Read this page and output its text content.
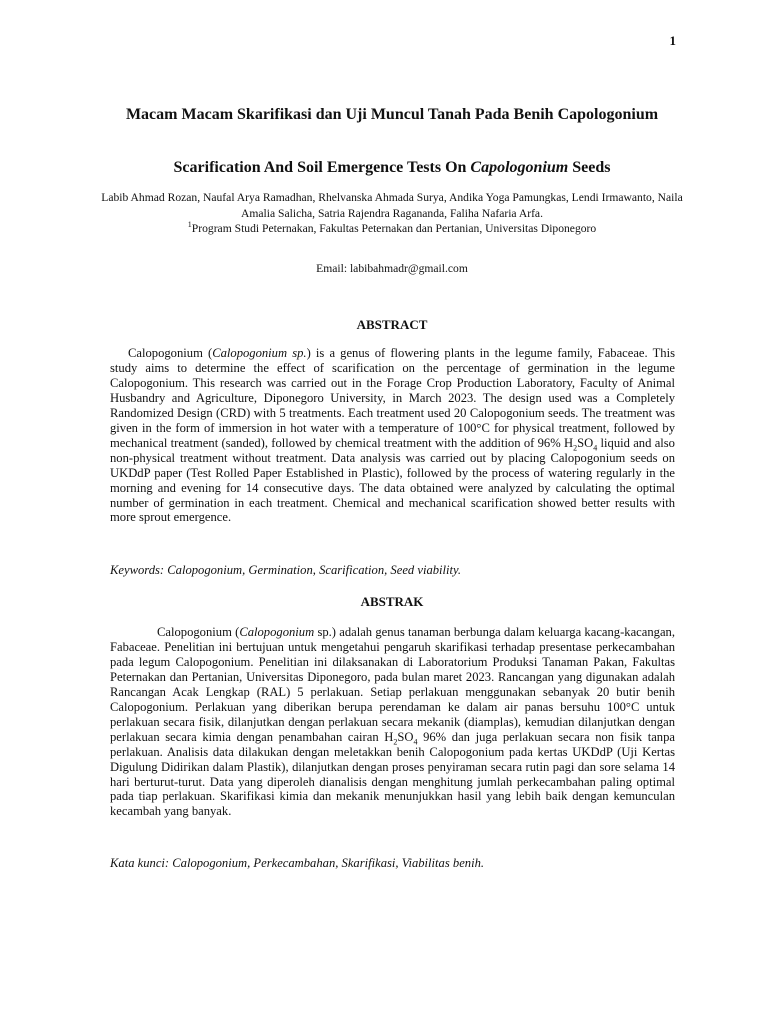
1
Macam Macam Skarifikasi dan Uji Muncul Tanah Pada Benih Capologonium
Scarification And Soil Emergence Tests On Capologonium Seeds

Labib Ahmad Rozan, Naufal Arya Ramadhan, Rhelvanska Ahmada Surya, Andika Yoga Pamungkas, Lendi Irmawanto, Naila Amalia Salicha, Satria Rajendra Raganandа, Faliha Nafaria Arfa.
$^1$Program Studi Peternakan, Fakultas Peternakan dan Pertanian, Universitas Diponegoro

Email: labibahmadr@gmail.com

ABSTRACT

Calopogonium (Calopogonium sp.) is a genus of flowering plants in the legume family, Fabaceae. This study aims to determine the effect of scarification on the percentage of germination in the legume Calopogonium. This research was carried out in the Forage Crop Production Laboratory, Faculty of Animal Husbandry and Agriculture, Diponegoro University, in March 2023. The design used was a Completely Randomized Design (CRD) with 5 treatments. Each treatment used 20 Calopogonium seeds. The treatment was given in the form of immersion in hot water with a temperature of 100°C for physical treatment, followed by mechanical treatment (sanded), followed by chemical treatment with the addition of 96% $H_2SO_4$ liquid and also non-physical treatment without treatment. Data analysis was carried out by placing Calopogonium seeds on UKDdP paper (Test Rolled Paper Established in Plastic), followed by the process of watering regularly in the morning and evening for 14 consecutive days. The data obtained were analyzed by calculating the optimal number of germination in each treatment. Chemical and mechanical scarification showed better results with more sprout emergence.

Keywords: Calopogonium, Germination, Scarification, Seed viability.

ABSTRAK

Calopogonium (Calopogonium sp.) adalah genus tanaman berbunga dalam keluarga kacang-kacangan, Fabaceae. Penelitian ini bertujuan untuk mengetahui pengaruh skarifikasi terhadap presentase perkecambahan pada legum Calopogonium. Penelitian ini dilaksanakan di Laboratorium Produksi Tanaman Pakan, Fakultas Peternakan dan Pertanian, Universitas Diponegoro, pada bulan maret 2023. Rancangan yang digunakan adalah Rancangan Acak Lengkap (RAL) 5 perlakuan. Setiap perlakuan menggunakan sebanyak 20 butir benih Calopogonium. Perlakuan yang diberikan berupa perendaman ke dalam air panas bersuhu 100°C untuk perlakuan secara fisik, dilanjutkan dengan perlakuan secara mekanik (diamplas), kemudian dilanjutkan dengan perlakuan secara kimia dengan penambahan cairan $H_2SO_4$ 96% dan juga perlakuan secara non fisik tanpa perlakuan. Analisis data dilakukan dengan meletakkan benih Calopogonium pada kertas UKDdP (Uji Kertas Digulung Didirikan dalam Plastik), dilanjutkan dengan proses penyiraman secara rutin pagi dan sore selama 14 hari berturut-turut. Data yang diperoleh dianalisis dengan menghitung jumlah perkecambahan paling optimal pada tiap perlakuan. Skarifikasi kimia dan mekanik menunjukkan hasil yang lebih baik dengan kemunculan kecambah yang banyak.

Kata kunci: Calopogonium, Perkecambahan, Skarifikasi, Viabilitas benih.
